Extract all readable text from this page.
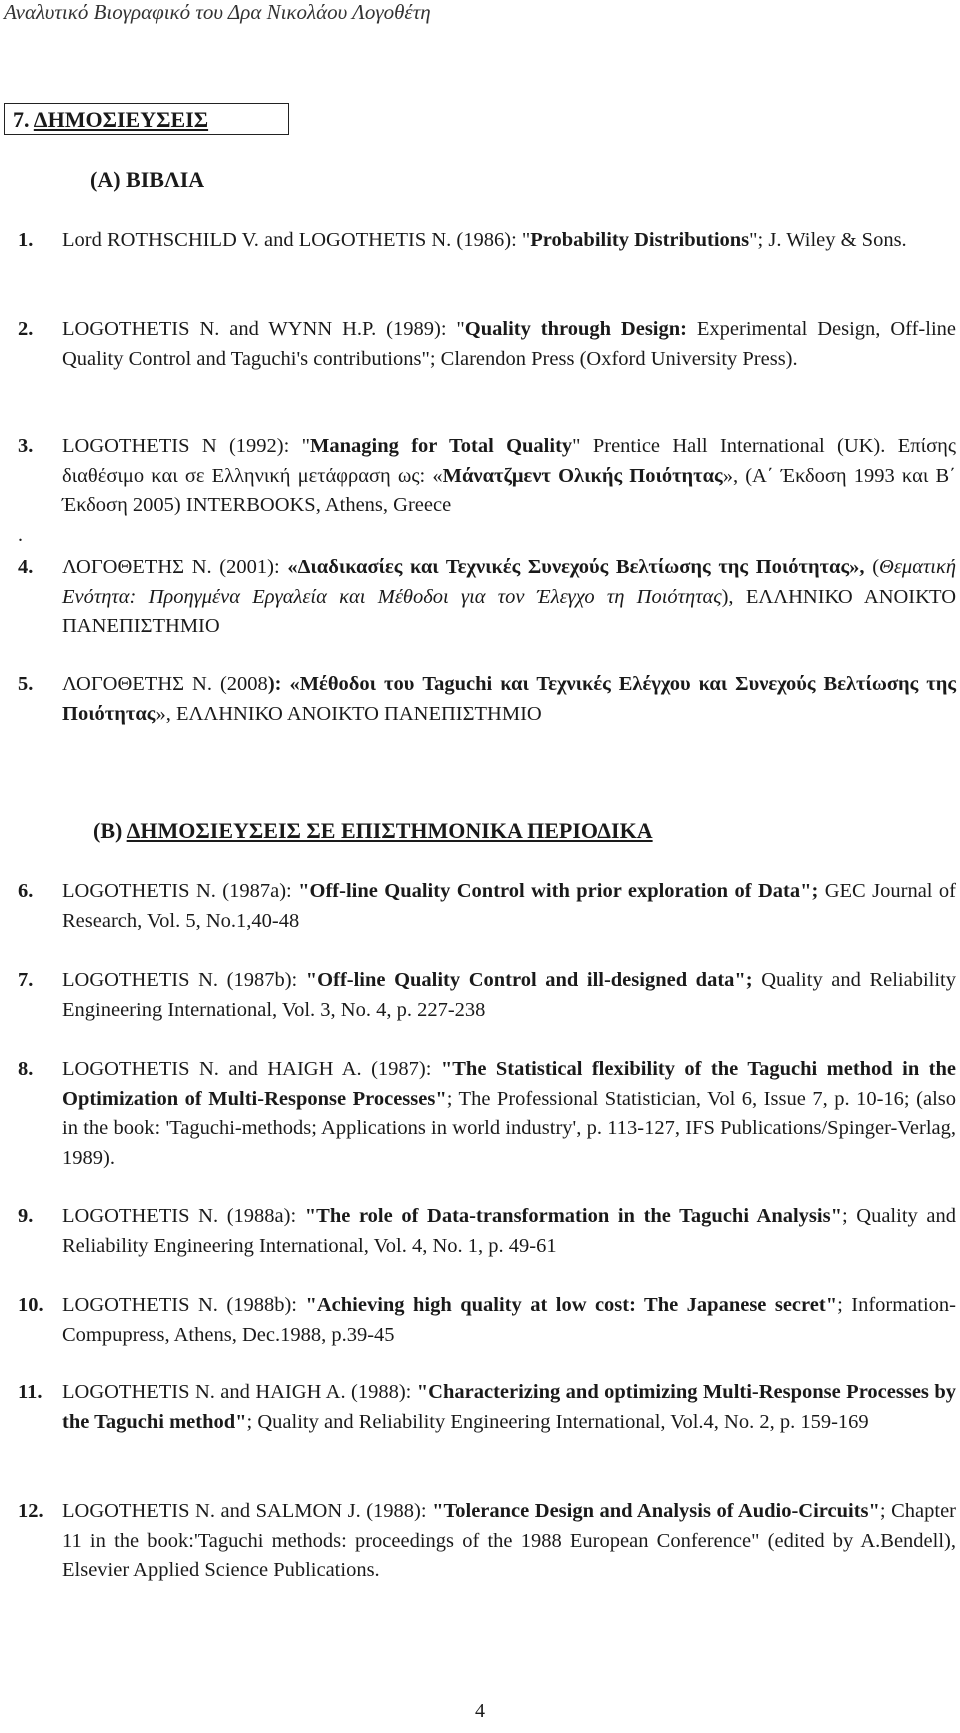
Αναλυτικό Βιογραφικό του Δρα Νικολάου Λογοθέτη
7. ΔΗΜΟΣΙΕΥΣΕΙΣ
(Α) ΒΙΒΛΙΑ
1. Lord ROTHSCHILD V. and LOGOTHETIS N. (1986): "Probability Distributions"; J. Wiley & Sons.
2. LOGOTHETIS N. and WYNN H.P. (1989): "Quality through Design: Experimental Design, Off-line Quality Control and Taguchi's contributions"; Clarendon Press (Oxford University Press).
3. LOGOTHETIS N (1992): "Managing for Total Quality" Prentice Hall International (UK). Επίσης διαθέσιμο και σε Ελληνική μετάφραση ως: «Μάνατζμεντ Ολικής Ποιότητας», (Α΄ Έκδοση 1993 και Β΄ Έκδοση 2005) INTERBOOKS, Athens, Greece
.
4. ΛΟΓΟΘΕΤΗΣ Ν. (2001): «Διαδικασίες και Τεχνικές Συνεχούς Βελτίωσης της Ποιότητας», (Θεματική Ενότητα: Προηγμένα Εργαλεία και Μέθοδοι για τον Έλεγχο τη Ποιότητας), ΕΛΛΗΝΙΚΟ ΑΝΟΙΚΤΟ ΠΑΝΕΠΙΣΤΗΜΙΟ
5. ΛΟΓΟΘΕΤΗΣ Ν. (2008): «Μέθοδοι του Taguchi και Τεχνικές Ελέγχου και Συνεχούς Βελτίωσης της Ποιότητας», ΕΛΛΗΝΙΚΟ ΑΝΟΙΚΤΟ ΠΑΝΕΠΙΣΤΗΜΙΟ
(Β) ΔΗΜΟΣΙΕΥΣΕΙΣ ΣΕ ΕΠΙΣΤΗΜΟΝΙΚΑ ΠΕΡΙΟΔΙΚΑ
6. LOGOTHETIS N. (1987a): "Off-line Quality Control with prior exploration of Data"; GEC Journal of Research, Vol. 5, No.1,40-48
7. LOGOTHETIS N. (1987b): "Off-line Quality Control and ill-designed data"; Quality and Reliability Engineering International, Vol. 3, No. 4, p. 227-238
8. LOGOTHETIS N. and HAIGH A. (1987): "The Statistical flexibility of the Taguchi method in the Optimization of Multi-Response Processes"; The Professional Statistician, Vol 6, Issue 7, p. 10-16; (also in the book: 'Taguchi-methods; Applications in world industry', p. 113-127, IFS Publications/Spinger-Verlag, 1989).
9. LOGOTHETIS N. (1988a): "The role of Data-transformation in the Taguchi Analysis"; Quality and Reliability Engineering International, Vol. 4, No. 1, p. 49-61
10. LOGOTHETIS N. (1988b): "Achieving high quality at low cost: The Japanese secret"; Information-Compupress, Athens, Dec.1988, p.39-45
11. LOGOTHETIS N. and HAIGH A. (1988): "Characterizing and optimizing Multi-Response Processes by the Taguchi method"; Quality and Reliability Engineering International, Vol.4, No. 2, p. 159-169
12. LOGOTHETIS N. and SALMON J. (1988): "Tolerance Design and Analysis of Audio-Circuits"; Chapter 11 in the book:'Taguchi methods: proceedings of the 1988 European Conference" (edited by A.Bendell), Elsevier Applied Science Publications.
4
